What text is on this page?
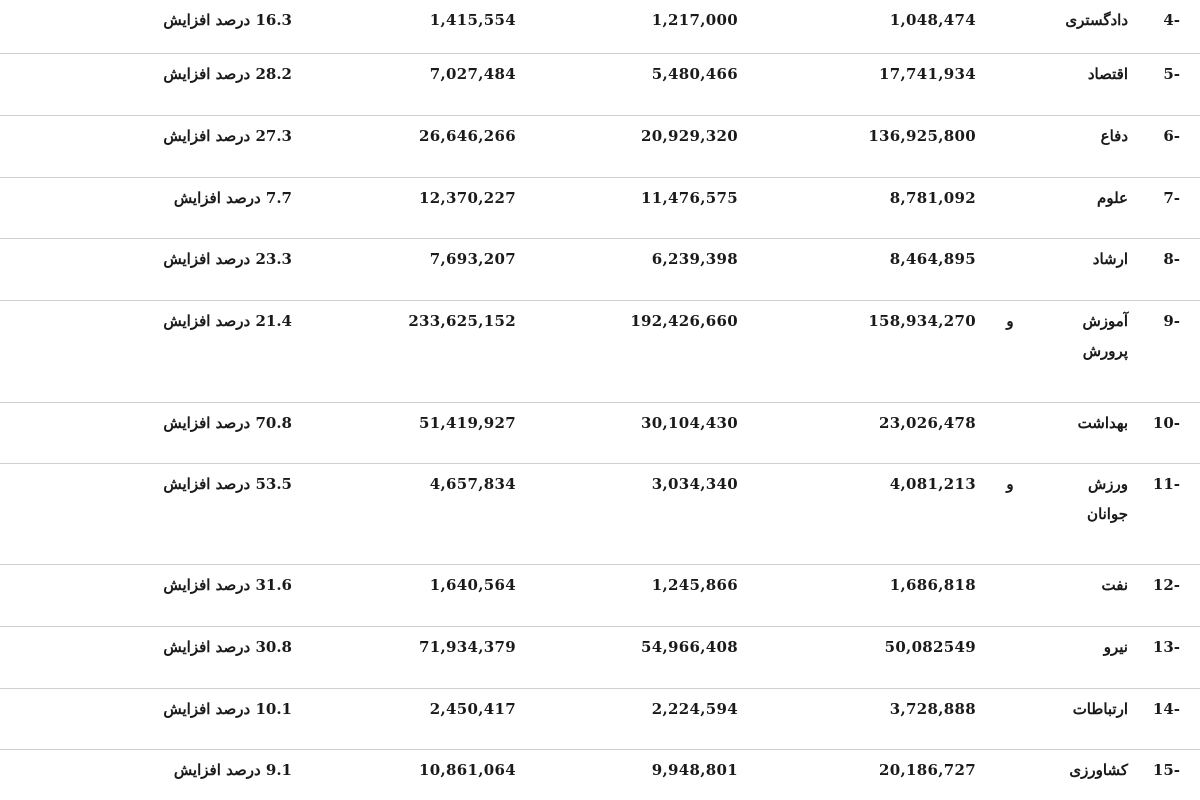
4-
دادگستری
1,048,474
1,217,000
1,415,554
16.3 درصد افزایش
5-
اقتصاد
17,741,934
5,480,466
7,027,484
28.2 درصد افزایش
6-
دفاع
136,925,800
20,929,320
26,646,266
27.3 درصد افزایش
7-
علوم
8,781,092
11,476,575
12,370,227
7.7 درصد افزایش
8-
ارشاد
8,464,895
6,239,398
7,693,207
23.3 درصد افزایش
9-
آموزش
پرورش
و
158,934,270
192,426,660
233,625,152
21.4 درصد افزایش
10-
بهداشت
23,026,478
30,104,430
51,419,927
70.8 درصد افزایش
11-
ورزش
جوانان
و
4,081,213
3,034,340
4,657,834
53.5 درصد افزایش
12-
نفت
1,686,818
1,245,866
1,640,564
31.6 درصد افزایش
13-
نیرو
50,082549
54,966,408
71,934,379
30.8 درصد افزایش
14-
ارتباطات
3,728,888
2,224,594
2,450,417
10.1 درصد افزایش
15-
کشاورزی
20,186,727
9,948,801
10,861,064
9.1 درصد افزایش
